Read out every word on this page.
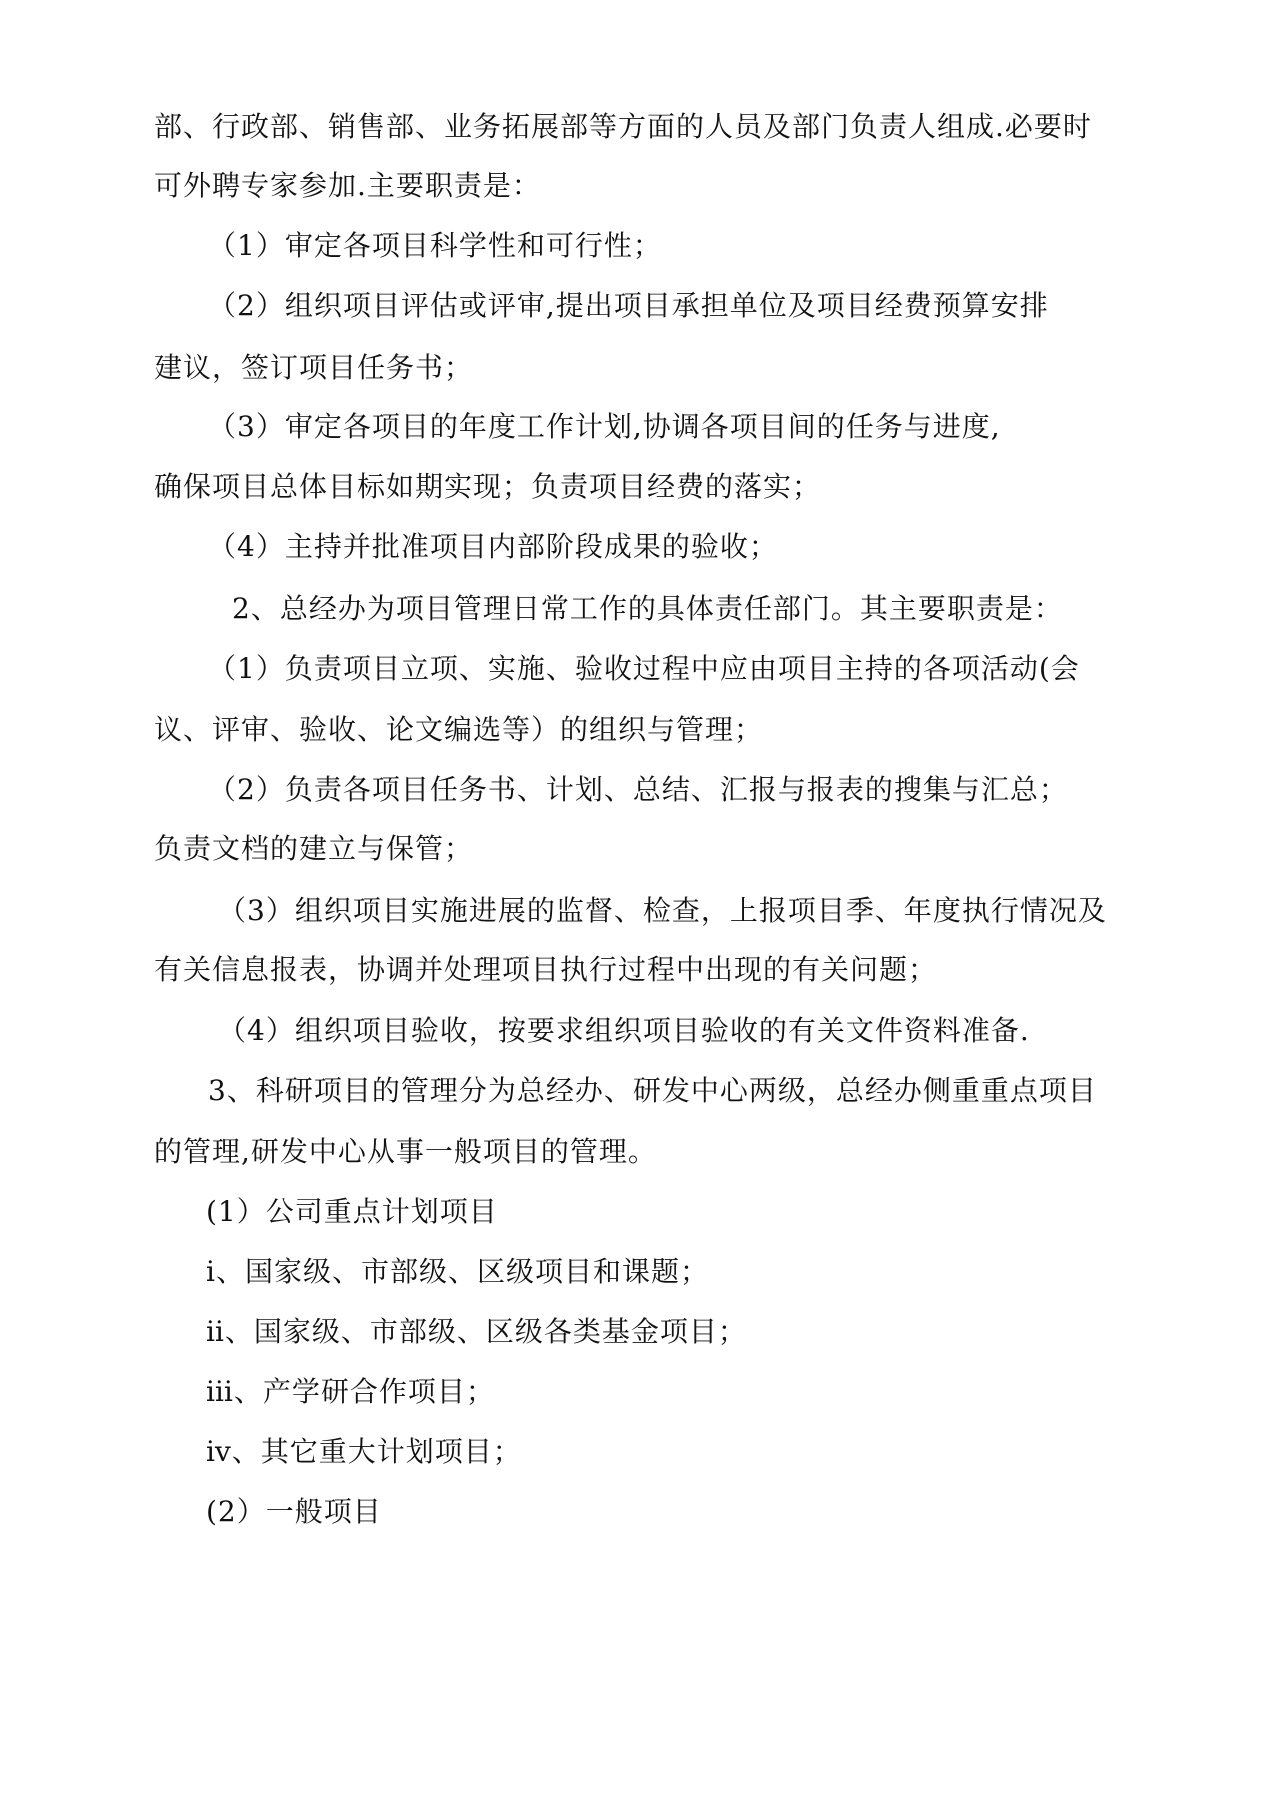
部、行政部、销售部、业务拓展部等方面的人员及部门负责人组成.必要时

可外聘专家参加.主要职责是：

（1）审定各项目科学性和可行性；

（2）组织项目评估或评审,提出项目承担单位及项目经费预算安排

建议，签订项目任务书；

（3）审定各项目的年度工作计划,协调各项目间的任务与进度,

确保项目总体目标如期实现；负责项目经费的落实；

（4）主持并批准项目内部阶段成果的验收；

2、总经办为项目管理日常工作的具体责任部门。其主要职责是：

（1）负责项目立项、实施、验收过程中应由项目主持的各项活动(会

议、评审、验收、论文编选等）的组织与管理；

（2）负责各项目任务书、计划、总结、汇报与报表的搜集与汇总；

负责文档的建立与保管；

（3）组织项目实施进展的监督、检查，上报项目季、年度执行情况及

有关信息报表，协调并处理项目执行过程中出现的有关问题；

（4）组织项目验收，按要求组织项目验收的有关文件资料准备.

3、科研项目的管理分为总经办、研发中心两级，总经办侧重重点项目

的管理,研发中心从事一般项目的管理。

(1）公司重点计划项目

ⅰ、国家级、市部级、区级项目和课题；

ⅱ、国家级、市部级、区级各类基金项目；

ⅲ、产学研合作项目；

ⅳ、其它重大计划项目；

(2）一般项目
